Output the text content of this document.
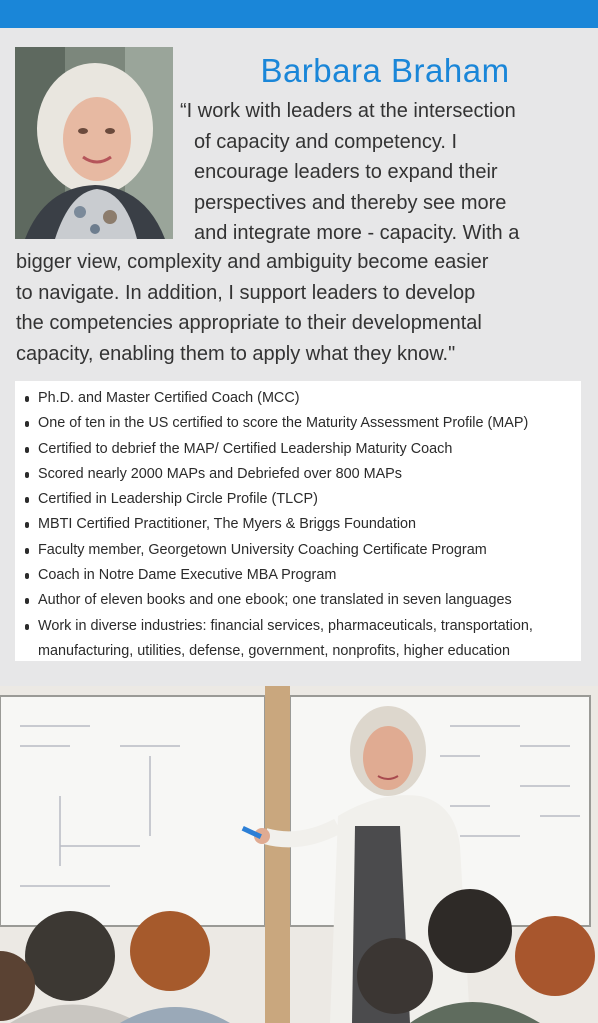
Barbara Braham
“I work with leaders at the intersection
of capacity and competency. I
encourage leaders to expand their
perspectives and thereby see more
and integrate more - capacity. With a
bigger view, complexity and ambiguity become easier
to navigate. In addition, I support leaders to develop
the competencies appropriate to their developmental
capacity, enabling them to apply what they know."
Ph.D. and Master Certified Coach (MCC)
One of ten in the US certified to score the Maturity Assessment Profile (MAP)
Certified to debrief the MAP/ Certified Leadership Maturity Coach
Scored nearly 2000 MAPs and Debriefed over 800 MAPs
Certified in Leadership Circle Profile (TLCP)
MBTI Certified Practitioner, The Myers & Briggs Foundation
Faculty member, Georgetown University Coaching Certificate Program
Coach in Notre Dame Executive MBA Program
Author of eleven books and one ebook; one translated in seven languages
Work in diverse industries: financial services, pharmaceuticals, transportation,
manufacturing, utilities, defense, government, nonprofits, higher education
